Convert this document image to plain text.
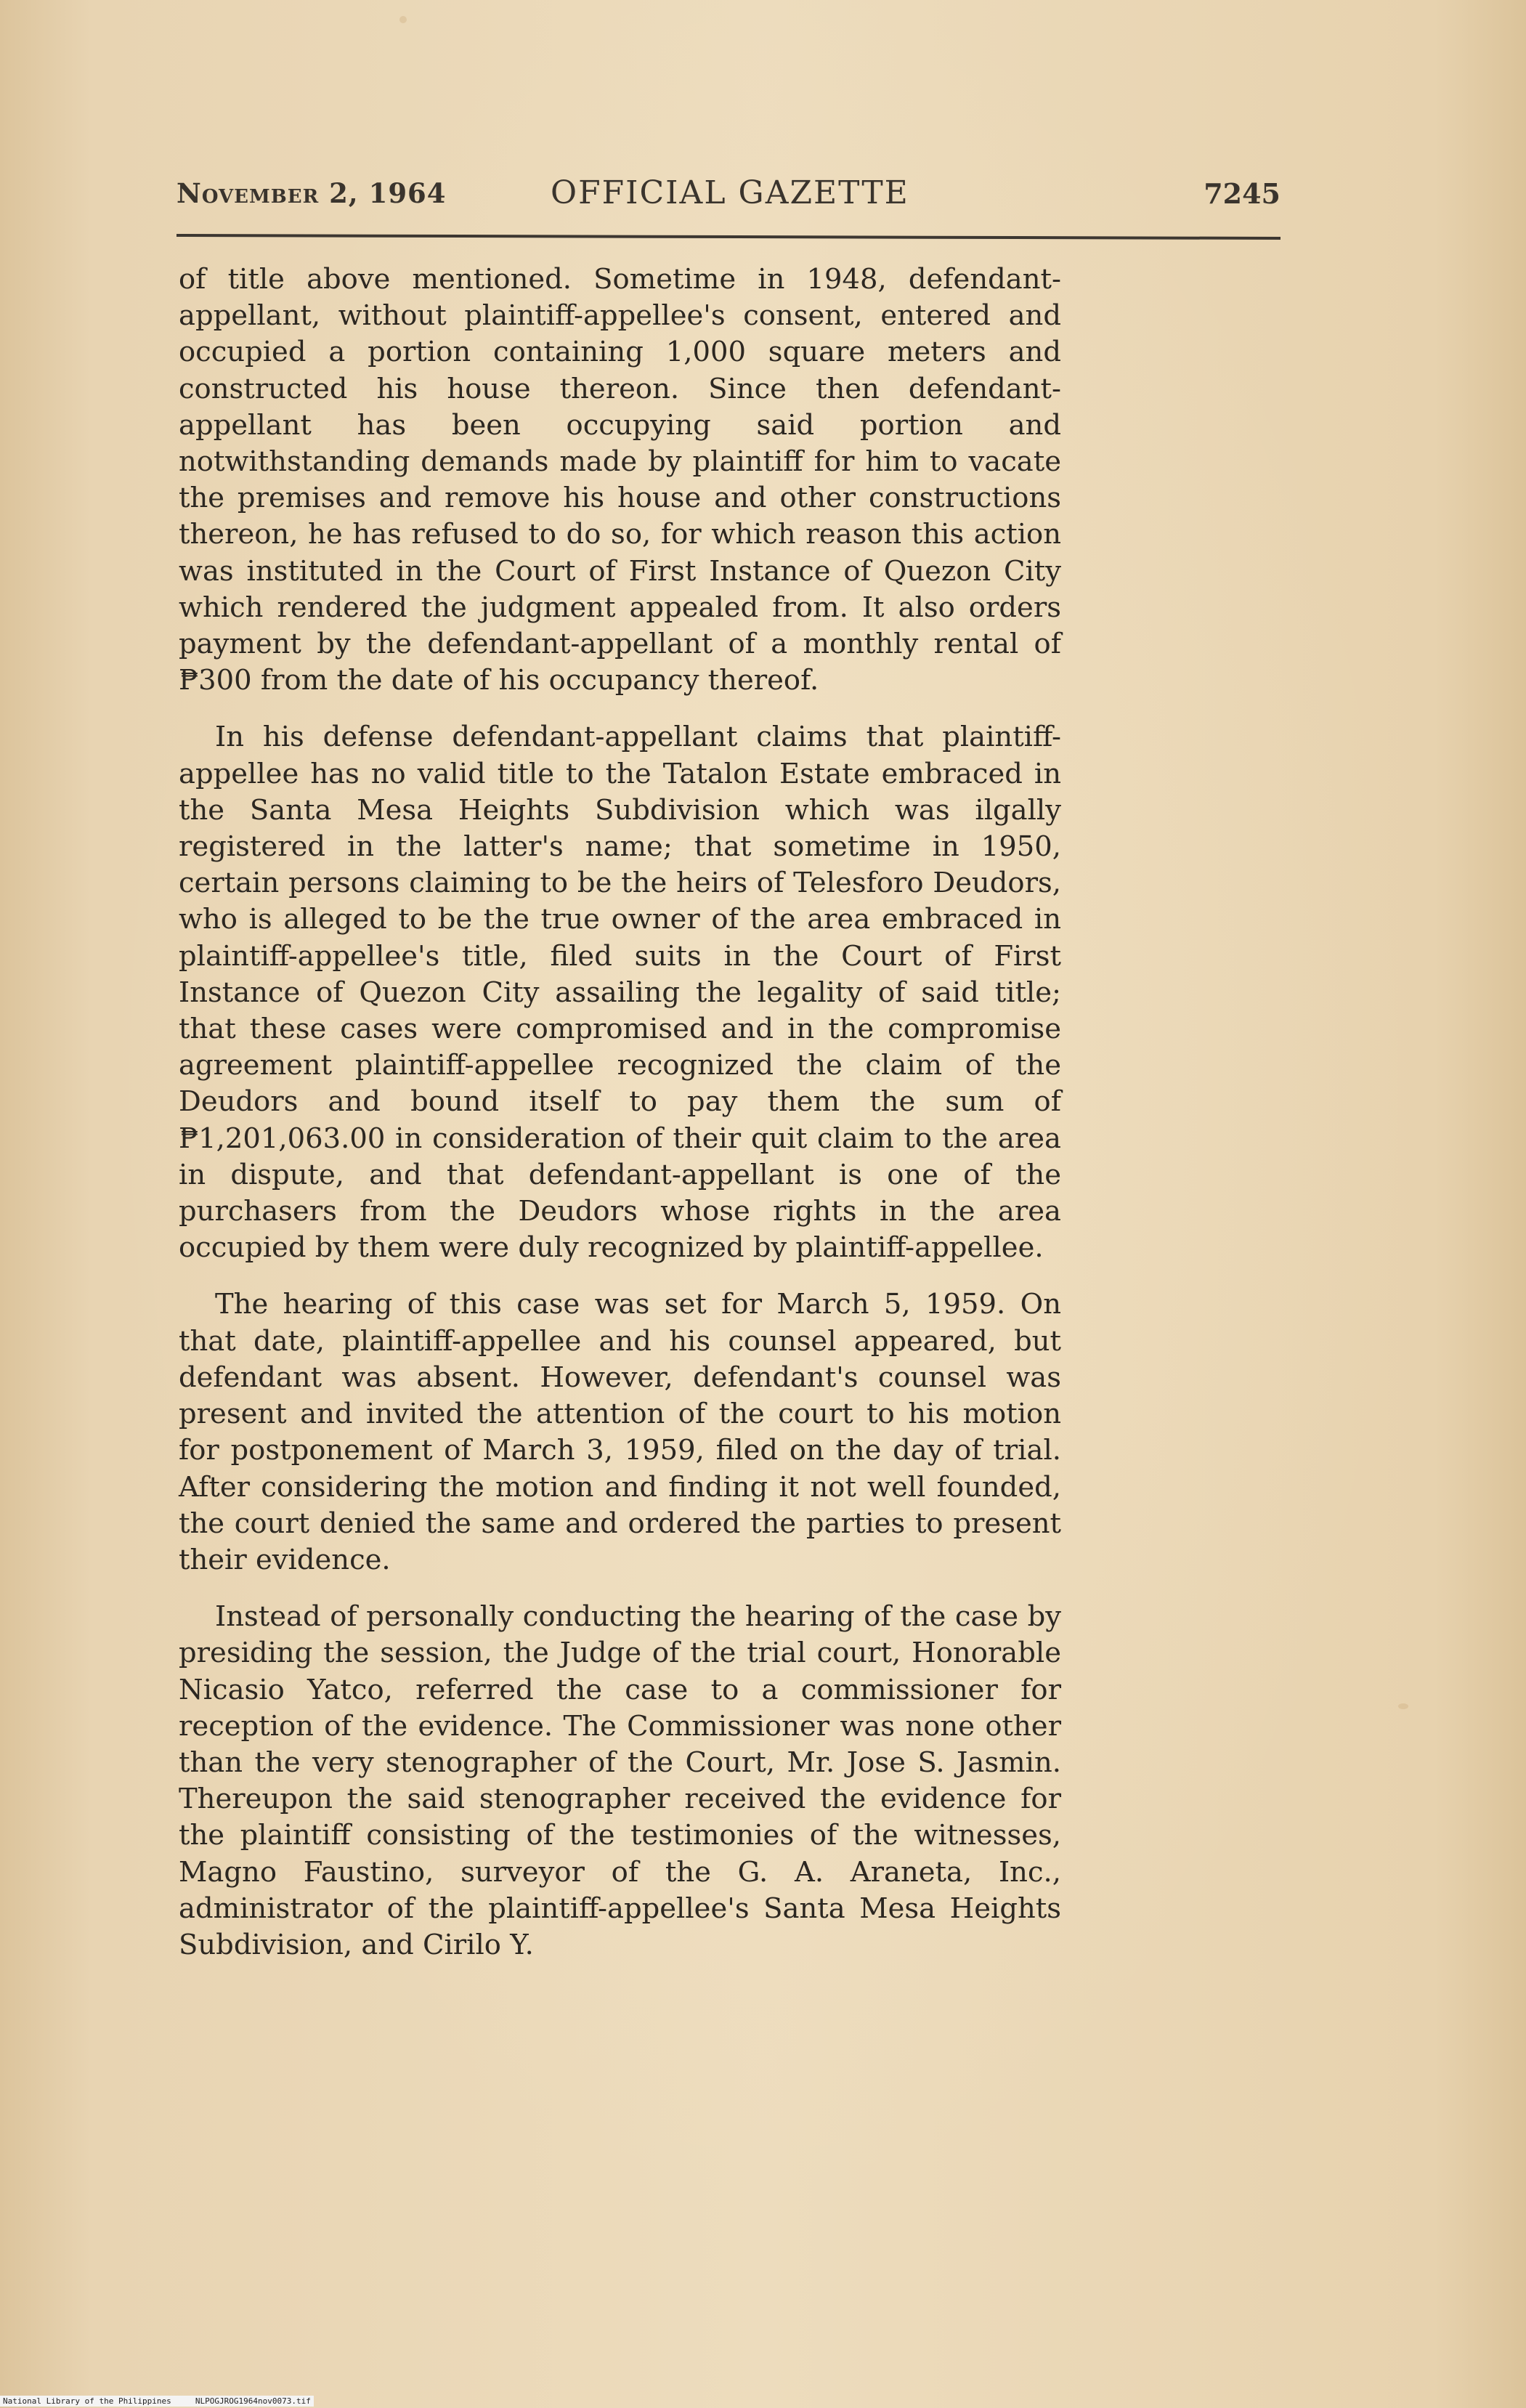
November 2, 1964	OFFICIAL GAZETTE	7245

of title above mentioned. Sometime in 1948, defendant-appellant, without plaintiff-appellee's consent, entered and occupied a portion containing 1,000 square meters and constructed his house thereon. Since then defendant-appellant has been occupying said portion and notwithstanding demands made by plaintiff for him to vacate the premises and remove his house and other constructions thereon, he has refused to do so, for which reason this action was instituted in the Court of First Instance of Quezon City which rendered the judgment appealed from. It also orders payment by the defendant-appellant of a monthly rental of ₱300 from the date of his occupancy thereof.

In his defense defendant-appellant claims that plaintiff-appellee has no valid title to the Tatalon Estate embraced in the Santa Mesa Heights Subdivision which was ilgally registered in the latter's name; that sometime in 1950, certain persons claiming to be the heirs of Telesforo Deudors, who is alleged to be the true owner of the area embraced in plaintiff-appellee's title, filed suits in the Court of First Instance of Quezon City assailing the legality of said title; that these cases were compromised and in the compromise agreement plaintiff-appellee recognized the claim of the Deudors and bound itself to pay them the sum of ₱1,201,063.00 in consideration of their quit claim to the area in dispute, and that defendant-appellant is one of the purchasers from the Deudors whose rights in the area occupied by them were duly recognized by plaintiff-appellee.

The hearing of this case was set for March 5, 1959. On that date, plaintiff-appellee and his counsel appeared, but defendant was absent. However, defendant's counsel was present and invited the attention of the court to his motion for postponement of March 3, 1959, filed on the day of trial. After considering the motion and finding it not well founded, the court denied the same and ordered the parties to present their evidence.

Instead of personally conducting the hearing of the case by presiding the session, the Judge of the trial court, Honorable Nicasio Yatco, referred the case to a commissioner for reception of the evidence. The Commissioner was none other than the very stenographer of the Court, Mr. Jose S. Jasmin. Thereupon the said stenographer received the evidence for the plaintiff consisting of the testimonies of the witnesses, Magno Faustino, surveyor of the G. A. Araneta, Inc., administrator of the plaintiff-appellee's Santa Mesa Heights Subdivision, and Cirilo Y.

National Library of the Philippines	NLPOGJROG1964nov0073.tif
